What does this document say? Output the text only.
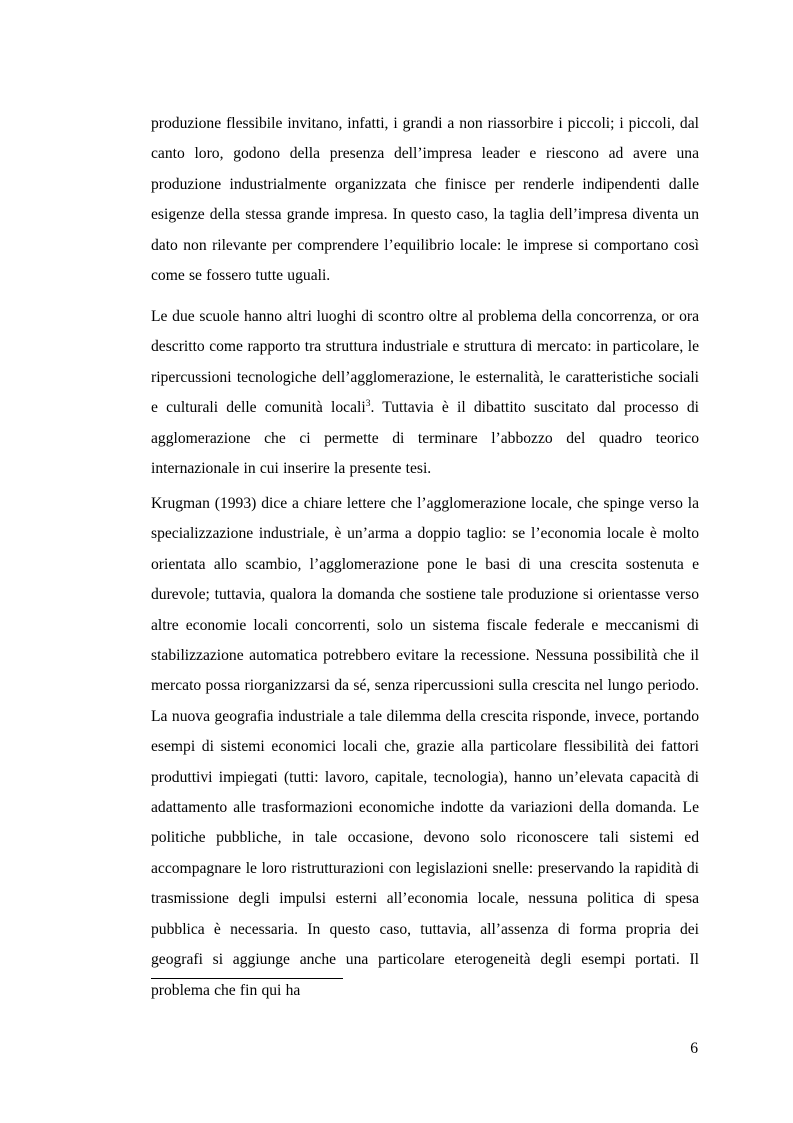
produzione flessibile invitano, infatti, i grandi a non riassorbire i piccoli; i piccoli, dal canto loro, godono della presenza dell’impresa leader e riescono ad avere una produzione industrialmente organizzata che finisce per renderle indipendenti dalle esigenze della stessa grande impresa. In questo caso, la taglia dell’impresa diventa un dato non rilevante per comprendere l’equilibrio locale: le imprese si comportano così come se fossero tutte uguali.

Le due scuole hanno altri luoghi di scontro oltre al problema della concorrenza, or ora descritto come rapporto tra struttura industriale e struttura di mercato: in particolare, le ripercussioni tecnologiche dell’agglomerazione, le esternalità, le caratteristiche sociali e culturali delle comunità locali$^3$. Tuttavia è il dibattito suscitato dal processo di agglomerazione che ci permette di terminare l’abbozzo del quadro teorico internazionale in cui inserire la presente tesi.

Krugman (1993) dice a chiare lettere che l’agglomerazione locale, che spinge verso la specializzazione industriale, è un’arma a doppio taglio: se l’economia locale è molto orientata allo scambio, l’agglomerazione pone le basi di una crescita sostenuta e durevole; tuttavia, qualora la domanda che sostiene tale produzione si orientasse verso altre economie locali concorrenti, solo un sistema fiscale federale e meccanismi di stabilizzazione automatica potrebbero evitare la recessione. Nessuna possibilità che il mercato possa riorganizzarsi da sé, senza ripercussioni sulla crescita nel lungo periodo. La nuova geografia industriale a tale dilemma della crescita risponde, invece, portando esempi di sistemi economici locali che, grazie alla particolare flessibilità dei fattori produttivi impiegati (tutti: lavoro, capitale, tecnologia), hanno un’elevata capacità di adattamento alle trasformazioni economiche indotte da variazioni della domanda. Le politiche pubbliche, in tale occasione, devono solo riconoscere tali sistemi ed accompagnare le loro ristrutturazioni con legislazioni snelle: preservando la rapidità di trasmissione degli impulsi esterni all’economia locale, nessuna politica di spesa pubblica è necessaria. In questo caso, tuttavia, all’assenza di forma propria dei geografi si aggiunge anche una particolare eterogeneità degli esempi portati. Il problema che fin qui ha

6
